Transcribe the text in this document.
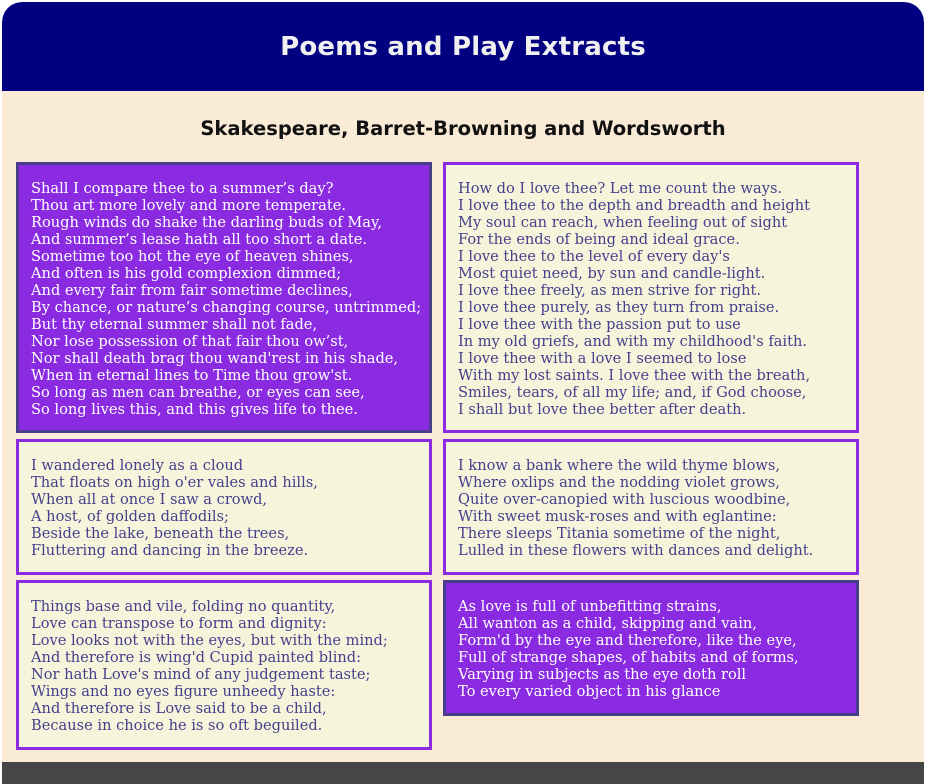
Poems and Play Extracts
Skakespeare, Barret-Browning and Wordsworth
Shall I compare thee to a summer’s day?
Thou art more lovely and more temperate.
Rough winds do shake the darling buds of May,
And summer’s lease hath all too short a date.
Sometime too hot the eye of heaven shines,
And often is his gold complexion dimmed;
And every fair from fair sometime declines,
By chance, or nature’s changing course, untrimmed;
But thy eternal summer shall not fade,
Nor lose possession of that fair thou ow’st,
Nor shall death brag thou wand'rest in his shade,
When in eternal lines to Time thou grow'st.
So long as men can breathe, or eyes can see,
So long lives this, and this gives life to thee.
How do I love thee? Let me count the ways.
I love thee to the depth and breadth and height
My soul can reach, when feeling out of sight
For the ends of being and ideal grace.
I love thee to the level of every day's
Most quiet need, by sun and candle-light.
I love thee freely, as men strive for right.
I love thee purely, as they turn from praise.
I love thee with the passion put to use
In my old griefs, and with my childhood's faith.
I love thee with a love I seemed to lose
With my lost saints. I love thee with the breath,
Smiles, tears, of all my life; and, if God choose,
I shall but love thee better after death.
I wandered lonely as a cloud
That floats on high o'er vales and hills,
When all at once I saw a crowd,
A host, of golden daffodils;
Beside the lake, beneath the trees,
Fluttering and dancing in the breeze.
I know a bank where the wild thyme blows,
Where oxlips and the nodding violet grows,
Quite over-canopied with luscious woodbine,
With sweet musk-roses and with eglantine:
There sleeps Titania sometime of the night,
Lulled in these flowers with dances and delight.
Things base and vile, folding no quantity,
Love can transpose to form and dignity:
Love looks not with the eyes, but with the mind;
And therefore is wing'd Cupid painted blind:
Nor hath Love's mind of any judgement taste;
Wings and no eyes figure unheedy haste:
And therefore is Love said to be a child,
Because in choice he is so oft beguiled.
As love is full of unbefitting strains,
All wanton as a child, skipping and vain,
Form'd by the eye and therefore, like the eye,
Full of strange shapes, of habits and of forms,
Varying in subjects as the eye doth roll
To every varied object in his glance
